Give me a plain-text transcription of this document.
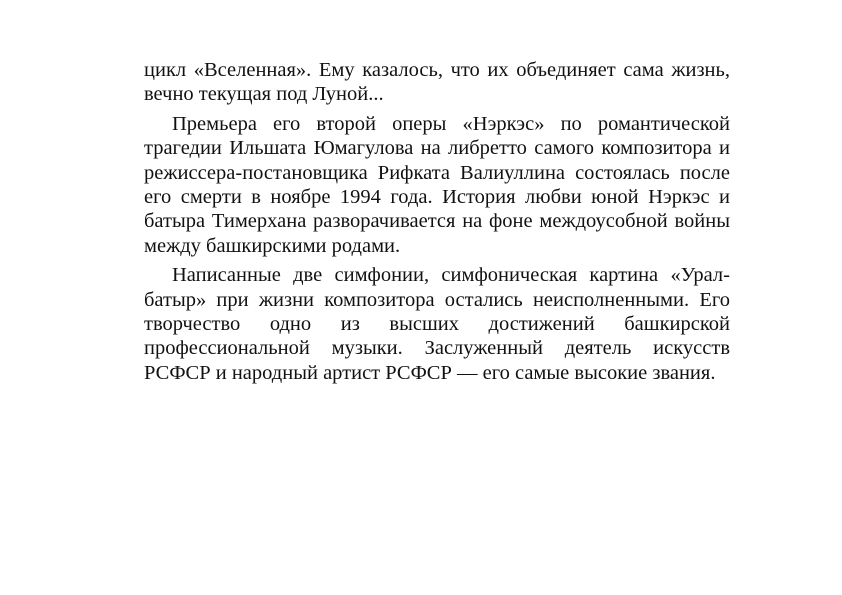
цикл «Вселенная». Ему казалось, что их объединяет сама жизнь, вечно текущая под Луной...

Премьера его второй оперы «Нэркэс» по романтической трагедии Ильшата Юмагулова на либретто самого композитора и режиссера-постановщика Рифката Валиуллина состоялась после его смерти в ноябре 1994 года. История любви юной Нэркэс и батыра Тимерхана разворачивается на фоне междоусобной войны между башкирскими родами.

Написанные две симфонии, симфоническая картина «Урал-батыр» при жизни композитора остались неисполненными. Его творчество одно из высших достижений башкирской профессиональной музыки. Заслуженный деятель искусств РСФСР и народный артист РСФСР — его самые высокие звания.
